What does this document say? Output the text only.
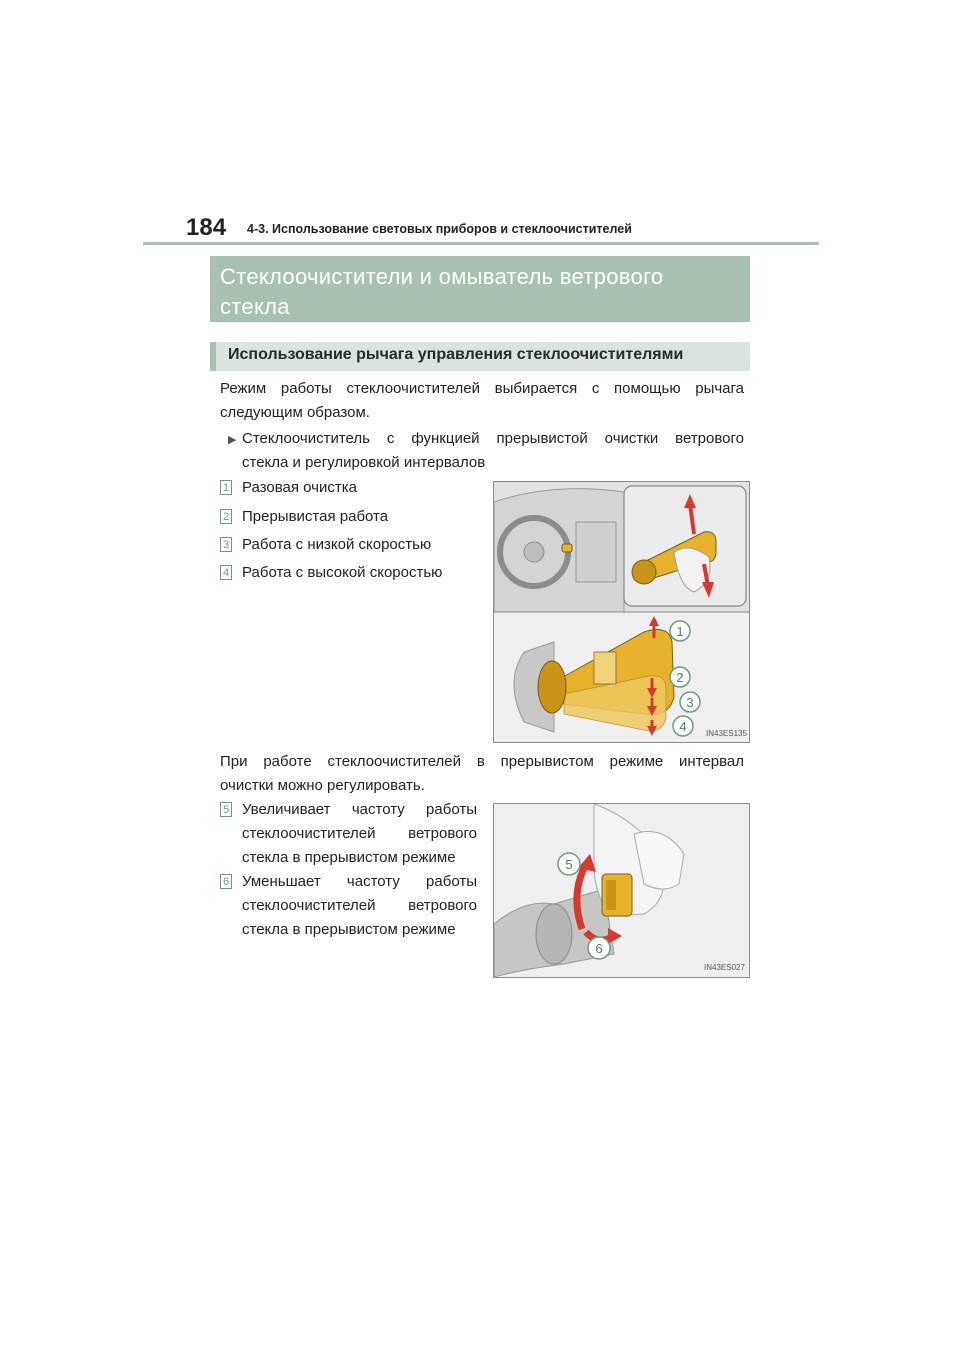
184 4-3. Использование световых приборов и стеклоочистителей
Стеклоочистители и омыватель ветрового
стекла
Использование рычага управления стеклоочистителями
Режим работы стеклоочистителей выбирается с помощью рычага
следующим образом.
▶ Стеклоочиститель с функцией прерывистой очистки ветрового
стекла и регулировкой интервалов
1 Разовая очистка
2 Прерывистая работа
3 Работа с низкой скоростью
4 Работа с высокой скоростью
1
2
3
4 IN43ES135
При работе стеклоочистителей в прерывистом режиме интервал
очистки можно регулировать.
5 Увеличивает частоту работы
стеклоочистителей ветрового
стекла в прерывистом режиме
6 Уменьшает частоту работы
стеклоочистителей ветрового
стекла в прерывистом режиме
5
6
IN43ES027
